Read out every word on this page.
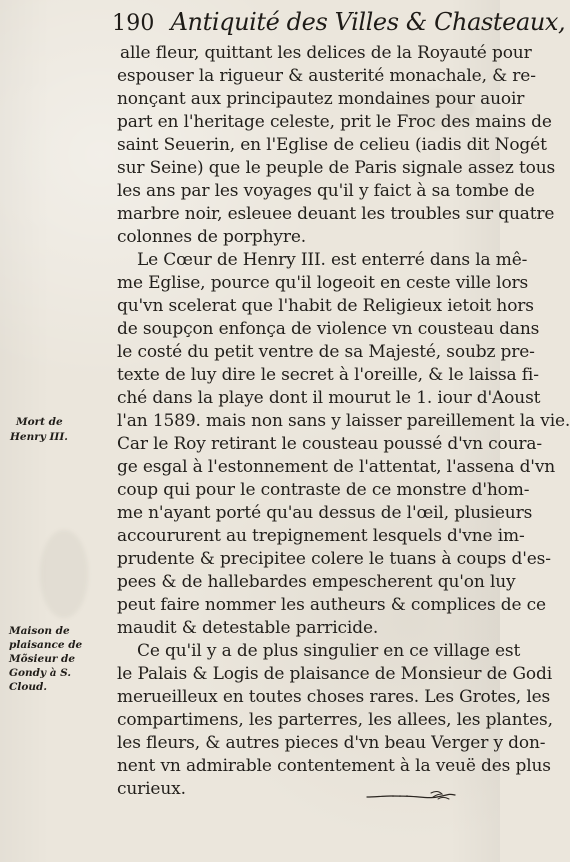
190 Antiquité des Villes & Chasteaux,
alle fleur, quittant les delices de la Royauté pour
espouser la rigueur & austerité monachale, & re-
nonçant aux principautez mondaines pour auoir
part en l'heritage celeste, prit le Froc des mains de
saint Seuerin, en l'Eglise de celieu (iadis dit Nogét
sur Seine) que le peuple de Paris signale assez tous
les ans par les voyages qu'il y faict à sa tombe de
marbre noir, esleuee deuant les troubles sur quatre
colonnes de porphyre.
Le Cœur de Henry III. est enterré dans la mê-
me Eglise, pource qu'il logeoit en ceste ville lors
qu'vn scelerat que l'habit de Religieux ietoit hors
de soupçon enfonça de violence vn cousteau dans
le costé du petit ventre de sa Majesté, soubz pre-
texte de luy dire le secret à l'oreille, & le laissa fi-
ché dans la playe dont il mourut le 1. iour d'Aoust
l'an 1589. mais non sans y laisser pareillement la vie.
Car le Roy retirant le cousteau poussé d'vn coura-
ge esgal à l'estonnement de l'attentat, l'assena d'vn
coup qui pour le contraste de ce monstre d'hom-
me n'ayant porté qu'au dessus de l'œil, plusieurs
accoururent au trepignement lesquels d'vne im-
prudente & precipitee colere le tuans à coups d'es-
pees & de hallebardes empescherent qu'on luy
peut faire nommer les autheurs & complices de ce
maudit & detestable parricide.
Ce qu'il y a de plus singulier en ce village est
le Palais & Logis de plaisance de Monsieur de Godi
merueilleux en toutes choses rares. Les Grotes, les
compartimens, les parterres, les allees, les plantes,
les fleurs, & autres pieces d'vn beau Verger y don-
nent vn admirable contentement à la veuë des plus
curieux.
Mort de
Henry III.
Maison de
plaisance de
Mõsieur de
Gondy à S.
Cloud.
